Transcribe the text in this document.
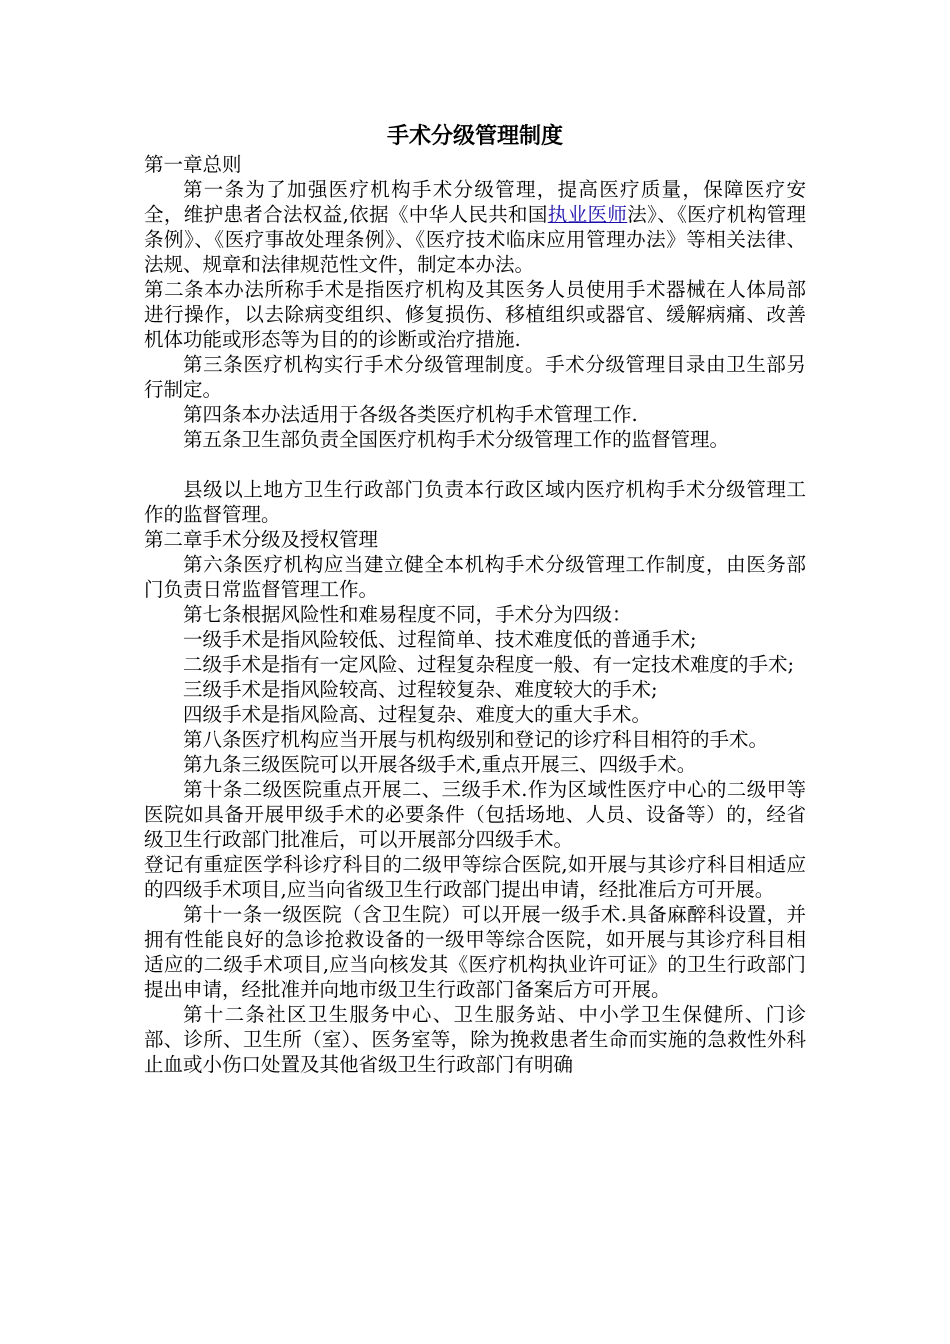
手术分级管理制度

第一章总则

第一条为了加强医疗机构手术分级管理，提高医疗质量，保障医疗安全，维护患者合法权益,依据《中华人民共和国执业医师法》、《医疗机构管理条例》、《医疗事故处理条例》、《医疗技术临床应用管理办法》等相关法律、法规、规章和法律规范性文件，制定本办法。

第二条本办法所称手术是指医疗机构及其医务人员使用手术器械在人体局部进行操作，以去除病变组织、修复损伤、移植组织或器官、缓解病痛、改善机体功能或形态等为目的的诊断或治疗措施.

第三条医疗机构实行手术分级管理制度。手术分级管理目录由卫生部另行制定。

第四条本办法适用于各级各类医疗机构手术管理工作.

第五条卫生部负责全国医疗机构手术分级管理工作的监督管理。

县级以上地方卫生行政部门负责本行政区域内医疗机构手术分级管理工作的监督管理。

第二章手术分级及授权管理

第六条医疗机构应当建立健全本机构手术分级管理工作制度，由医务部门负责日常监督管理工作。

第七条根据风险性和难易程度不同，手术分为四级：

一级手术是指风险较低、过程简单、技术难度低的普通手术;

二级手术是指有一定风险、过程复杂程度一般、有一定技术难度的手术;

三级手术是指风险较高、过程较复杂、难度较大的手术;

四级手术是指风险高、过程复杂、难度大的重大手术。

第八条医疗机构应当开展与机构级别和登记的诊疗科目相符的手术。

第九条三级医院可以开展各级手术,重点开展三、四级手术。

第十条二级医院重点开展二、三级手术.作为区域性医疗中心的二级甲等医院如具备开展甲级手术的必要条件（包括场地、人员、设备等）的，经省级卫生行政部门批准后，可以开展部分四级手术。

登记有重症医学科诊疗科目的二级甲等综合医院,如开展与其诊疗科目相适应的四级手术项目,应当向省级卫生行政部门提出申请，经批准后方可开展。

第十一条一级医院（含卫生院）可以开展一级手术.具备麻醉科设置，并拥有性能良好的急诊抢救设备的一级甲等综合医院，如开展与其诊疗科目相适应的二级手术项目,应当向核发其《医疗机构执业许可证》的卫生行政部门提出申请，经批准并向地市级卫生行政部门备案后方可开展。

第十二条社区卫生服务中心、卫生服务站、中小学卫生保健所、门诊部、诊所、卫生所（室）、医务室等，除为挽救患者生命而实施的急救性外科止血或小伤口处置及其他省级卫生行政部门有明确
